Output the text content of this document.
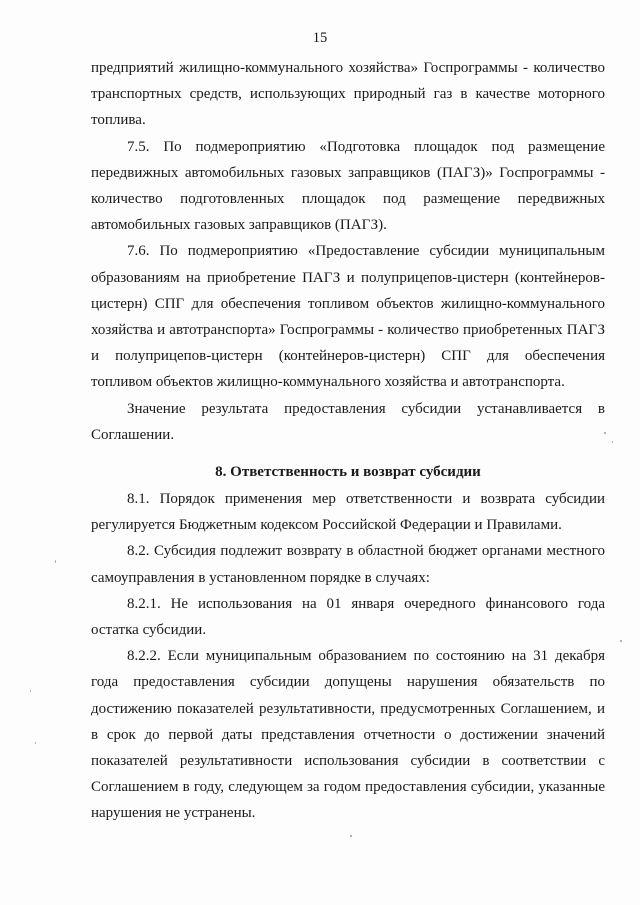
15

предприятий жилищно-коммунального хозяйства» Госпрограммы - количество транспортных средств, использующих природный газ в качестве моторного топлива.

7.5. По подмероприятию «Подготовка площадок под размещение передвижных автомобильных газовых заправщиков (ПАГЗ)» Госпрограммы - количество подготовленных площадок под размещение передвижных автомобильных газовых заправщиков (ПАГЗ).

7.6. По подмероприятию «Предоставление субсидии муниципальным образованиям на приобретение ПАГЗ и полуприцепов-цистерн (контейнеров-цистерн) СПГ для обеспечения топливом объектов жилищно-коммунального хозяйства и автотранспорта» Госпрограммы - количество приобретенных ПАГЗ и полуприцепов-цистерн (контейнеров-цистерн) СПГ для обеспечения топливом объектов жилищно-коммунального хозяйства и автотранспорта.

Значение результата предоставления субсидии устанавливается в Соглашении.

8. Ответственность и возврат субсидии

8.1. Порядок применения мер ответственности и возврата субсидии регулируется Бюджетным кодексом Российской Федерации и Правилами.

8.2. Субсидия подлежит возврату в областной бюджет органами местного самоуправления в установленном порядке в случаях:

8.2.1. Не использования на 01 января очередного финансового года остатка субсидии.

8.2.2. Если муниципальным образованием по состоянию на 31 декабря года предоставления субсидии допущены нарушения обязательств по достижению показателей результативности, предусмотренных Соглашением, и в срок до первой даты представления отчетности о достижении значений показателей результативности использования субсидии в соответствии с Соглашением в году, следующем за годом предоставления субсидии, указанные нарушения не устранены.
